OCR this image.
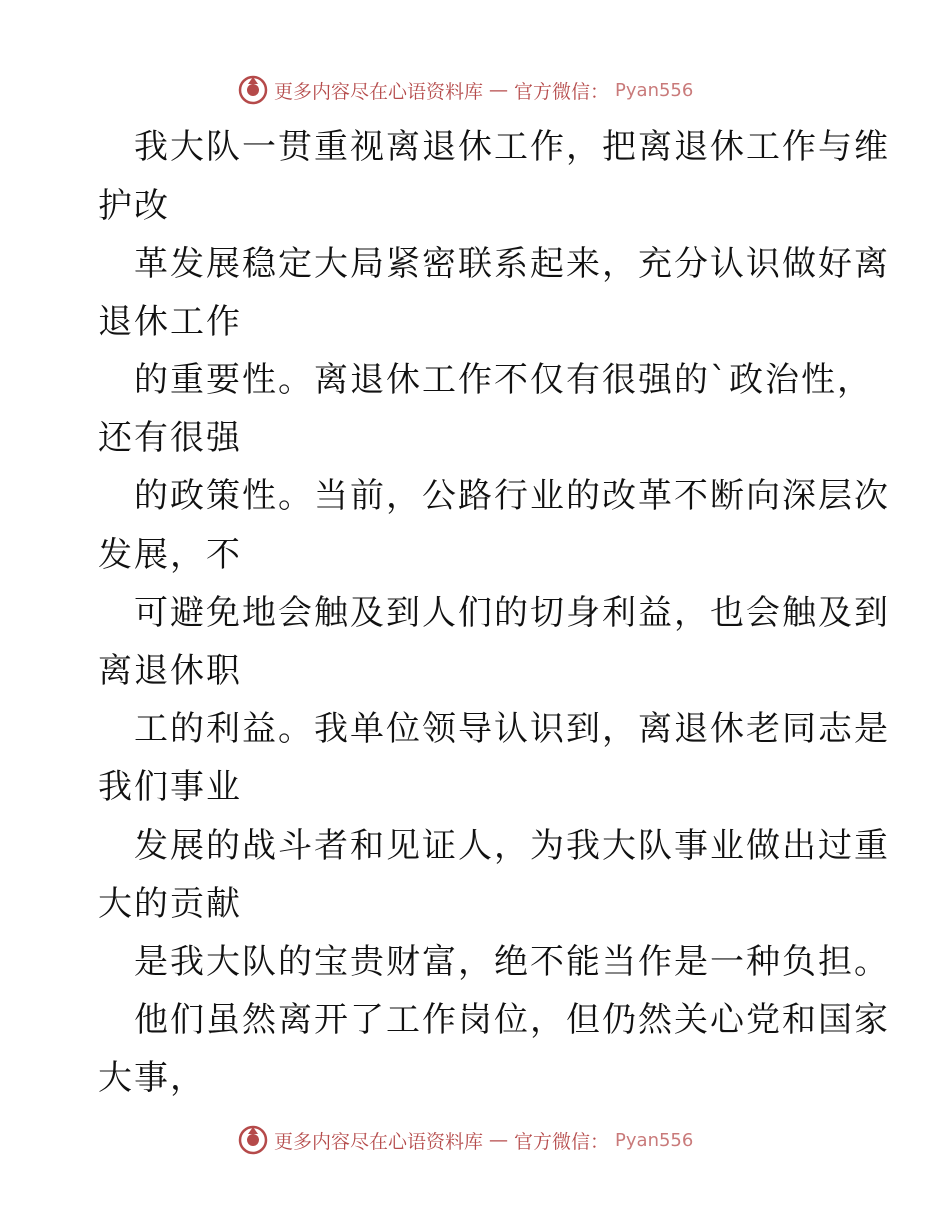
更多内容尽在心语资料库 — 官方微信： Pyan556
我大队一贯重视离退休工作，把离退休工作与维
护改
革发展稳定大局紧密联系起来，充分认识做好离
退休工作
的重要性。离退休工作不仅有很强的`政治性，
还有很强
的政策性。当前，公路行业的改革不断向深层次
发展，不
可避免地会触及到人们的切身利益，也会触及到
离退休职
工的利益。我单位领导认识到，离退休老同志是
我们事业
发展的战斗者和见证人，为我大队事业做出过重
大的贡献
是我大队的宝贵财富，绝不能当作是一种负担。
他们虽然离开了工作岗位，但仍然关心党和国家
大事，
更多内容尽在心语资料库 — 官方微信： Pyan556
